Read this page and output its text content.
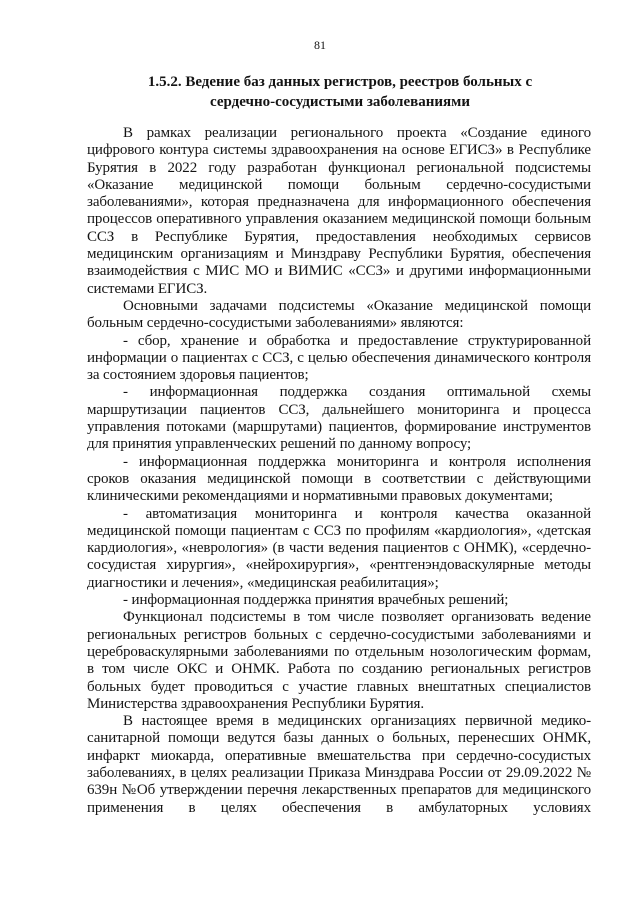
81
1.5.2. Ведение баз данных регистров, реестров больных с
сердечно-сосудистыми заболеваниями

В рамках реализации регионального проекта «Создание единого цифрового контура системы здравоохранения на основе ЕГИСЗ» в Республике Бурятия в 2022 году разработан функционал региональной подсистемы «Оказание медицинской помощи больным сердечно-сосудистыми заболеваниями», которая предназначена для информационного обеспечения процессов оперативного управления оказанием медицинской помощи больным ССЗ в Республике Бурятия, предоставления необходимых сервисов медицинским организациям и Минздраву Республики Бурятия, обеспечения взаимодействия с МИС МО и ВИМИС «ССЗ» и другими информационными системами ЕГИСЗ.

Основными задачами подсистемы «Оказание медицинской помощи больным сердечно-сосудистыми заболеваниями» являются:

- сбор, хранение и обработка и предоставление структурированной информации о пациентах с ССЗ, с целью обеспечения динамического контроля за состоянием здоровья пациентов;

- информационная поддержка создания оптимальной схемы маршрутизации пациентов ССЗ, дальнейшего мониторинга и процесса управления потоками (маршрутами) пациентов, формирование инструментов для принятия управленческих решений по данному вопросу;

- информационная поддержка мониторинга и контроля исполнения сроков оказания медицинской помощи в соответствии с действующими клиническими рекомендациями и нормативными правовых документами;

- автоматизация мониторинга и контроля качества оказанной медицинской помощи пациентам с ССЗ по профилям «кардиология», «детская кардиология», «неврология» (в части ведения пациентов с ОНМК), «сердечно-сосудистая хирургия», «нейрохирургия», «рентгенэндоваскулярные методы диагностики и лечения», «медицинская реабилитация»;

- информационная поддержка принятия врачебных решений;

Функционал подсистемы в том числе позволяет организовать ведение региональных регистров больных с сердечно-сосудистыми заболеваниями и цереброваскулярными заболеваниями по отдельным нозологическим формам, в том числе ОКС и ОНМК. Работа по созданию региональных регистров больных будет проводиться с участие главных внештатных специалистов Министерства здравоохранения Республики Бурятия.

В настоящее время в медицинских организациях первичной медико-санитарной помощи ведутся базы данных о больных, перенесших ОНМК, инфаркт миокарда, оперативные вмешательства при сердечно-сосудистых заболеваниях, в целях реализации Приказа Минздрава России от 29.09.2022 № 639н №Об утверждении перечня лекарственных препаратов для медицинского применения в целях обеспечения в амбулаторных условиях
